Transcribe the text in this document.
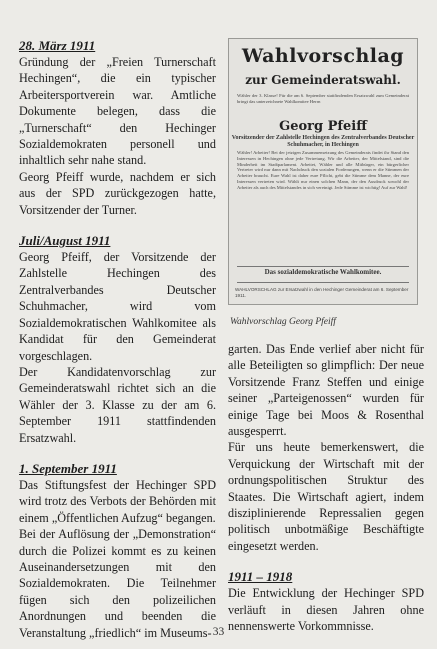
28. März 1911
Gründung der „Freien Turnerschaft Hechingen“, die ein typischer Arbeitersportverein war. Amtliche Dokumente belegen, dass die „Turnerschaft“ den Hechinger Sozialdemokraten personell und inhaltlich sehr nahe stand.
Georg Pfeiff wurde, nachdem er sich aus der SPD zurückgezogen hatte, Vorsitzender der Turner.
Juli/August 1911
Georg Pfeiff, der Vorsitzende der Zahlstelle Hechingen des Zentralverbandes Deutscher Schuhmacher, wird vom Sozialdemokratischen Wahlkomitee als Kandidat für den Gemeinderat vorgeschlagen.
Der Kandidatenvorschlag zur Gemeinderatswahl richtet sich an die Wähler der 3. Klasse zu der am 6. September 1911 stattfindenden Ersatzwahl.
1. September 1911
Das Stiftungsfest der Hechinger SPD wird trotz des Verbots der Behörden mit einem „Öffentlichen Aufzug“ begangen.
Bei der Auflösung der „Demonstration“ durch die Polizei kommt es zu keinen Auseinandersetzungen mit den Sozialdemokraten. Die Teilnehmer fügen sich den polizeilichen Anordnungen und beenden die Veranstaltung „friedlich“ im Museums-
Wahlvorschlag
zur Gemeinderatswahl.
Wähler der 3. Klasse! Für die am 6. September stattfindenden Ersatzwahl zum Gemeinderat bringt das unterzeichnete Wahlkomitee Herrn
Georg Pfeiff
Vorsitzender der Zahlstelle Hechingen des Zentralverbandes Deutscher Schuhmacher, in Hechingen
Wähler! Arbeiter! Bei der jetzigen Zusammensetzung des Gemeinderats findet ihr Stand den Interessen in Hechingen ohne jede Vertretung. Wir die Arbeiter, der Mittelstand, sind die Minderheit im Stadtparlament. Arbeitet, Wähler und alle Mitbürger, ein bürgerlicher Vertreter wird nur dann mit Nachdruck den sozialen Forderungen, wenn er die Stimmen der Arbeiter braucht. Eure Wahl ist daher eure Pflicht, gebt die Stimme dem Manne, der eure Interessen vertreten wird. Wählt nur einen solchen Mann, der den Ausdruck sowohl der Arbeiter als auch des Mittelstandes in sich vereinigt. Jede Stimme ist wichtig! Auf zur Wahl!
Das sozialdemokratische Wahlkomitee.
WAHLVORSCHLAG zur Ersatzwahl in den Hechinger Gemeinderat am 6. September 1911.
Wahlvorschlag Georg Pfeiff
garten. Das Ende verlief aber nicht für alle Beteiligten so glimpflich: Der neue Vorsitzende Franz Steffen und einige seiner „Parteigenossen“ wurden für einige Tage bei Moos & Rosenthal ausgesperrt.
Für uns heute bemerkenswert, die Verquickung der Wirtschaft mit der ordnungspolitischen Struktur des Staates. Die Wirtschaft agiert, indem disziplinierende Repressalien gegen politisch unbotmäßige Beschäftigte eingesetzt werden.
1911 – 1918
Die Entwicklung der Hechinger SPD verläuft in diesen Jahren ohne nennenswerte Vorkommnisse.
33
